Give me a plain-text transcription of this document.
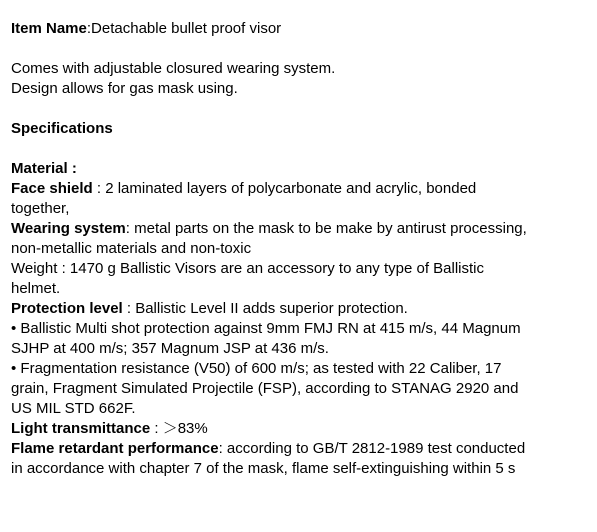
Item Name:Detachable bullet proof visor
Comes with adjustable closured wearing system.
Design allows for gas mask using.
Specifications
Material :
Face shield : 2 laminated layers of polycarbonate and acrylic, bonded
together,
Wearing system: metal parts on the mask to be make by antirust processing,
non-metallic materials and non-toxic
Weight : 1470 g Ballistic Visors are an accessory to any type of Ballistic
helmet.
Protection level : Ballistic Level II adds superior protection.
• Ballistic Multi shot protection against 9mm FMJ RN at 415 m/s, 44 Magnum
SJHP at 400 m/s; 357 Magnum JSP at 436 m/s.
• Fragmentation resistance (V50) of 600 m/s; as tested with 22 Caliber, 17
grain, Fragment Simulated Projectile (FSP), according to STANAG 2920 and
US MIL STD 662F.
Light transmittance : ＞83%
Flame retardant performance: according to GB/T 2812-1989 test conducted
in accordance with chapter 7 of the mask, flame self-extinguishing within 5 s
